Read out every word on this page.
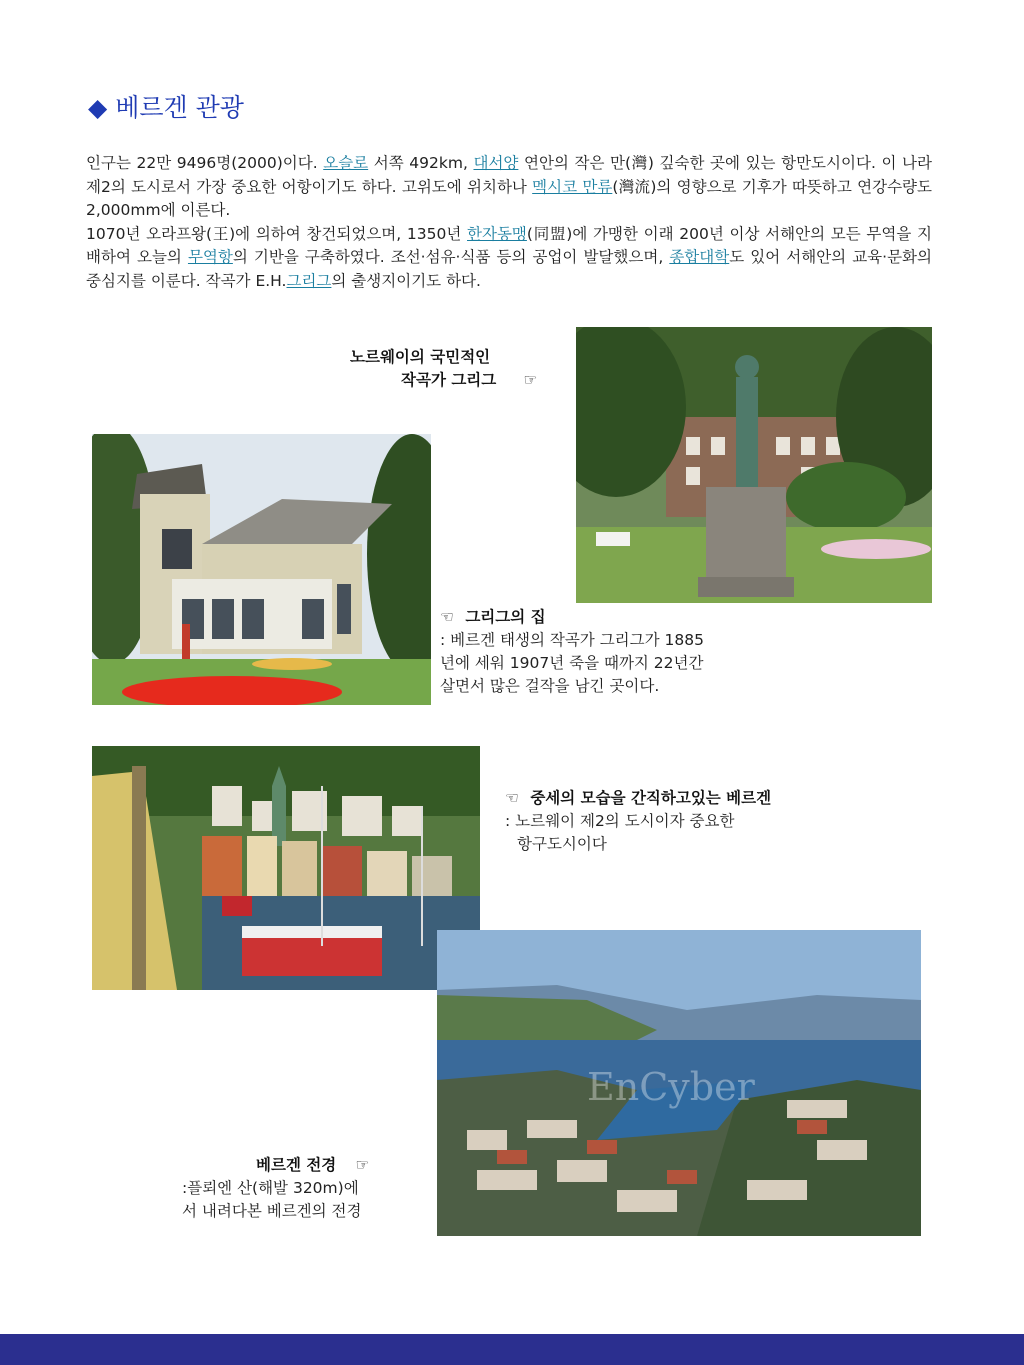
◆ 베르겐 관광

인구는 22만 9496명(2000)이다. 오슬로 서쪽 492km, 대서양 연안의 작은 만(灣) 깊숙한 곳에 있는 항만도시이다. 이 나라 제2의 도시로서 가장 중요한 어항이기도 하다. 고위도에 위치하나 멕시코 만류(灣流)의 영향으로 기후가 따뜻하고 연강수량도 2,000mm에 이른다.

1070년 오라프왕(王)에 의하여 창건되었으며, 1350년 한자동맹(同盟)에 가맹한 이래 200년 이상 서해안의 모든 무역을 지배하여 오늘의 무역항의 기반을 구축하였다. 조선·섬유·식품 등의 공업이 발달했으며, 종합대학도 있어 서해안의 교육·문화의 중심지를 이룬다. 작곡가 E.H.그리그의 출생지이기도 하다.

노르웨이의 국민적인
작곡가 그리그 ☞
☜ 그리그의 집
: 베르겐 태생의 작곡가 그리그가 1885
년에 세워 1907년 죽을 때까지 22년간
살면서 많은 걸작을 남긴 곳이다.
☜ 중세의 모습을 간직하고있는 베르겐
: 노르웨이 제2의 도시이자 중요한
항구도시이다
EnCyber
베르겐 전경 ☞
:플뢰엔 산(해발 320m)에
서 내려다본 베르겐의 전경
